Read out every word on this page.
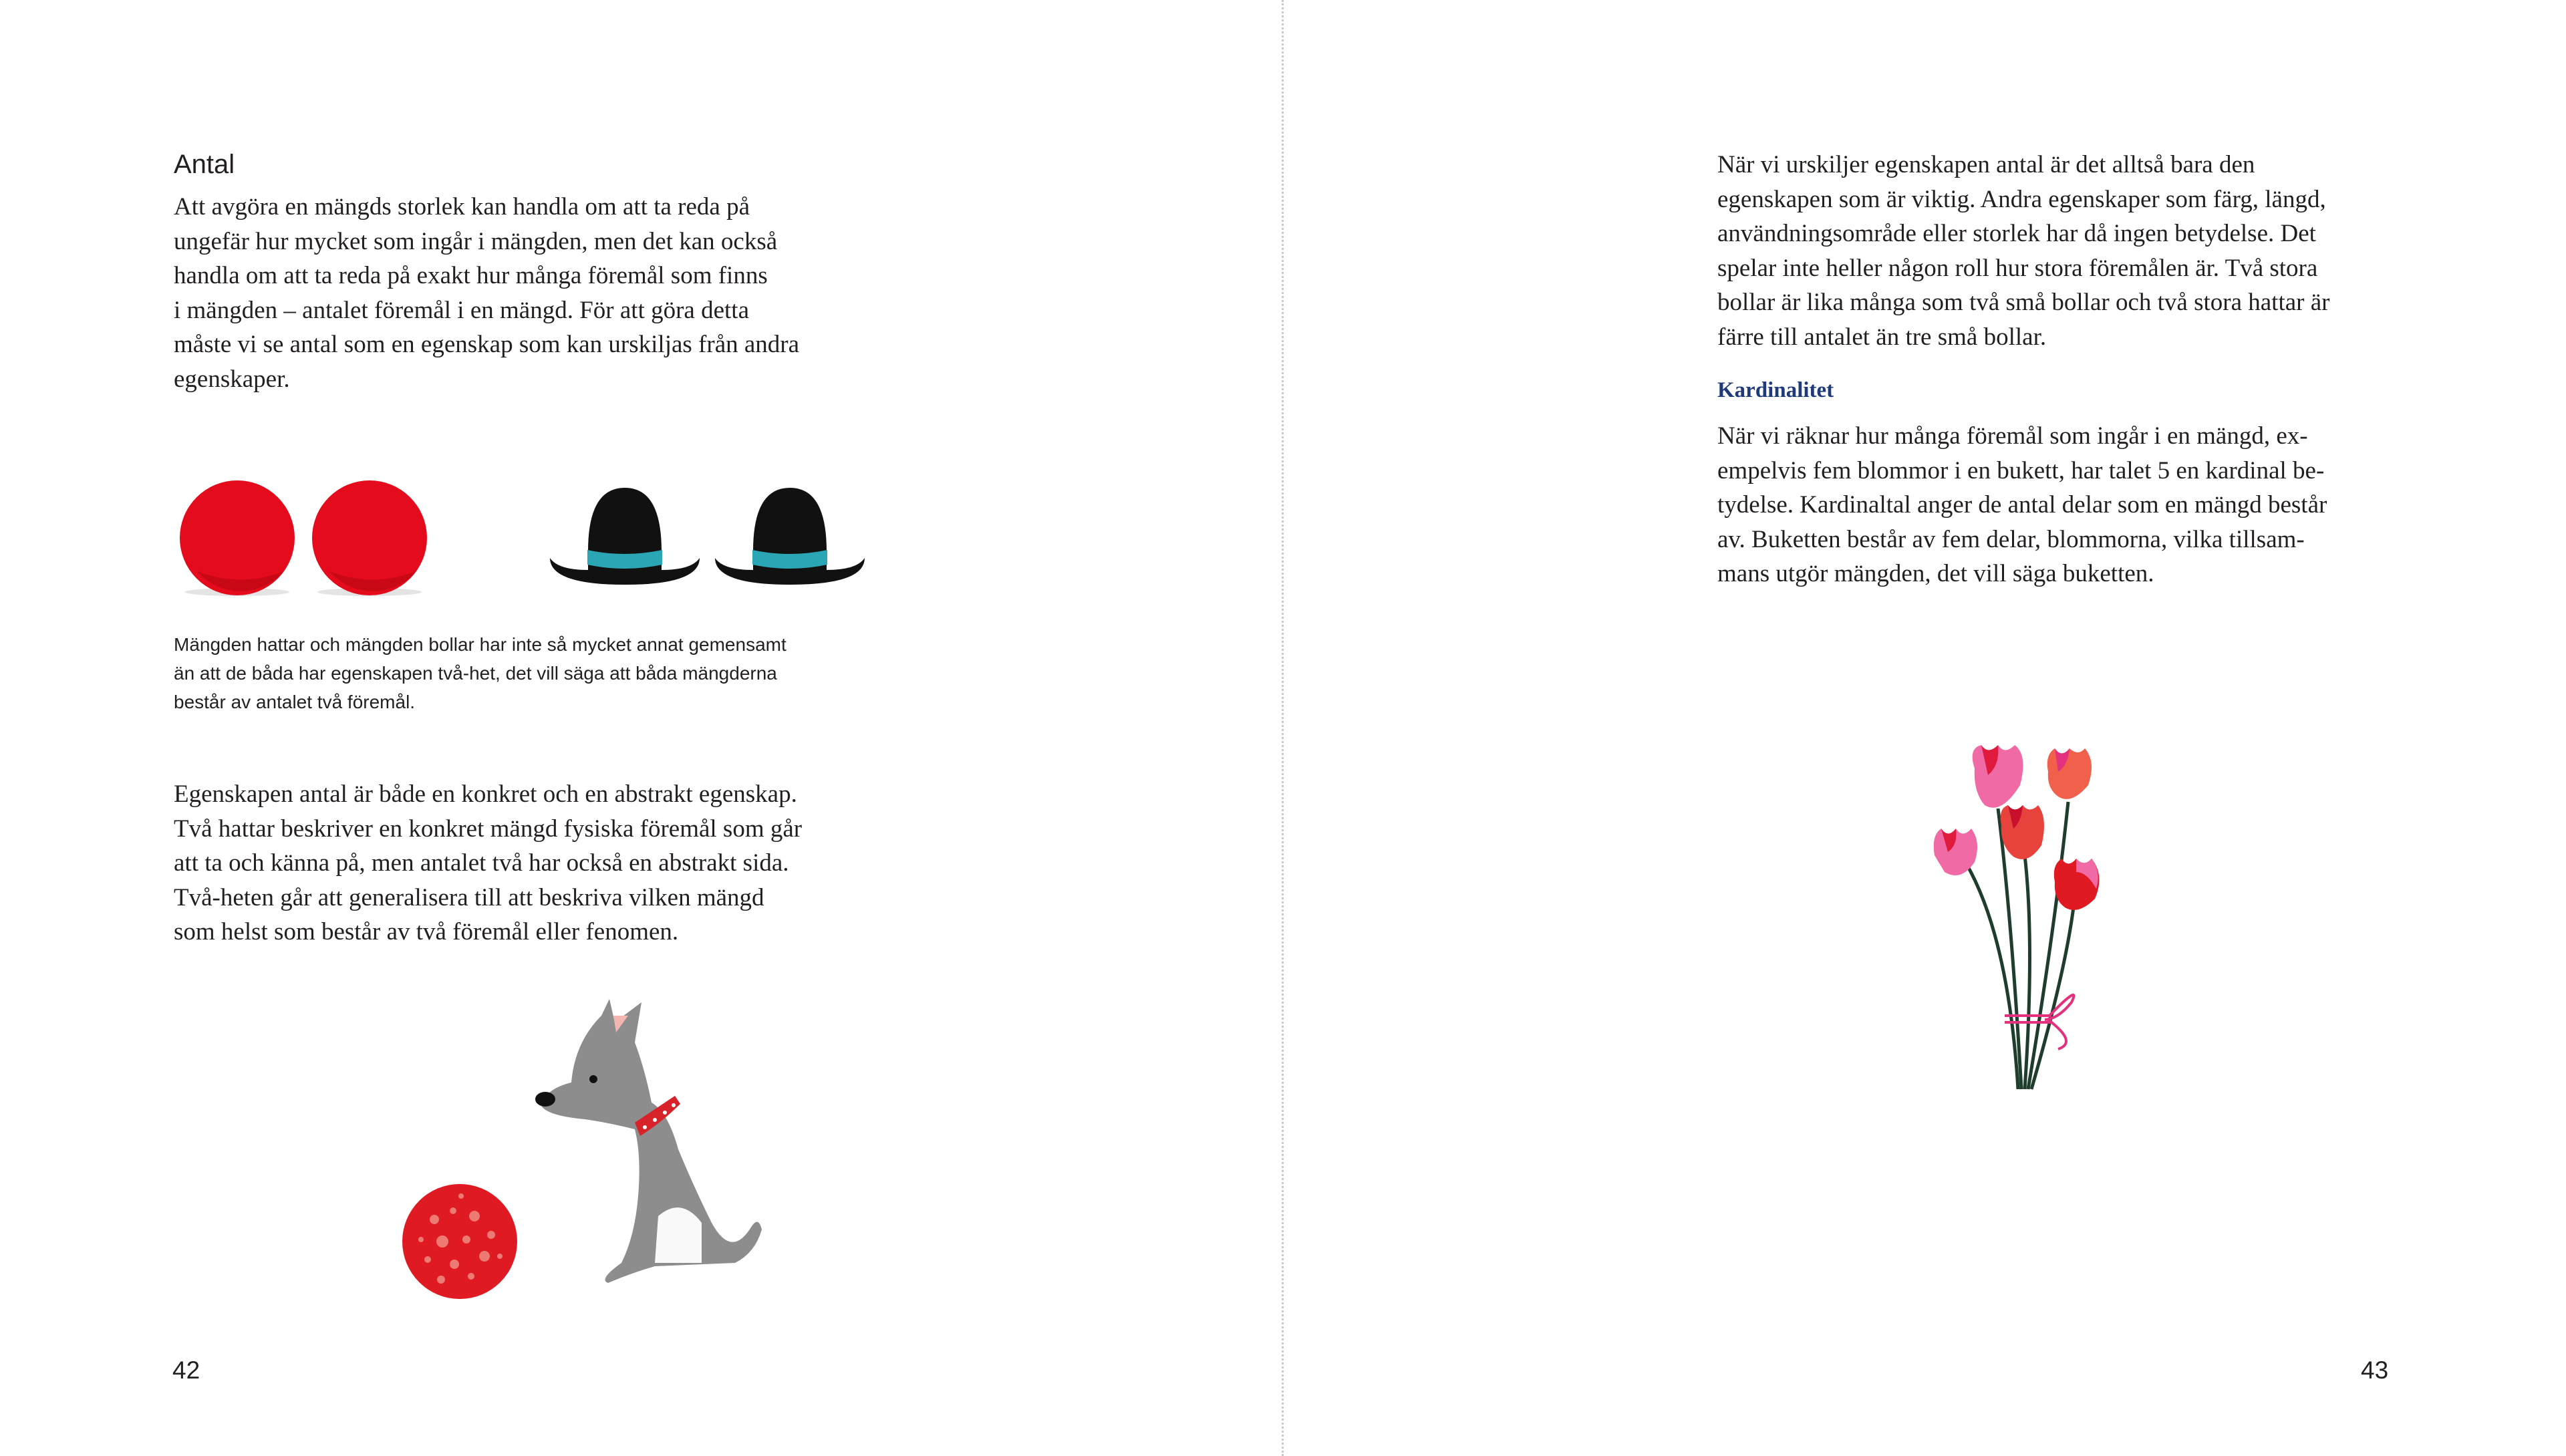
Antal

Att avgöra en mängds storlek kan handla om att ta reda på
ungefär hur mycket som ingår i mängden, men det kan också
handla om att ta reda på exakt hur många föremål som finns
i mängden – antalet föremål i en mängd. För att göra detta
måste vi se antal som en egenskap som kan urskiljas från andra
egenskaper.

Mängden hattar och mängden bollar har inte så mycket annat gemensamt
än att de båda har egenskapen två-het, det vill säga att båda mängderna
består av antalet två föremål.

Egenskapen antal är både en konkret och en abstrakt egenskap.
Två hattar beskriver en konkret mängd fysiska föremål som går
att ta och känna på, men antalet två har också en abstrakt sida.
Två-heten går att generalisera till att beskriva vilken mängd
som helst som består av två föremål eller fenomen.

42

När vi urskiljer egenskapen antal är det alltså bara den
egenskapen som är viktig. Andra egenskaper som färg, längd,
användningsområde eller storlek har då ingen betydelse. Det
spelar inte heller någon roll hur stora föremålen är. Två stora
bollar är lika många som två små bollar och två stora hattar är
färre till antalet än tre små bollar.

Kardinalitet

När vi räknar hur många föremål som ingår i en mängd, ex-
empelvis fem blommor i en bukett, har talet 5 en kardinal be-
tydelse. Kardinaltal anger de antal delar som en mängd består
av. Buketten består av fem delar, blommorna, vilka tillsam-
mans utgör mängden, det vill säga buketten.

43
